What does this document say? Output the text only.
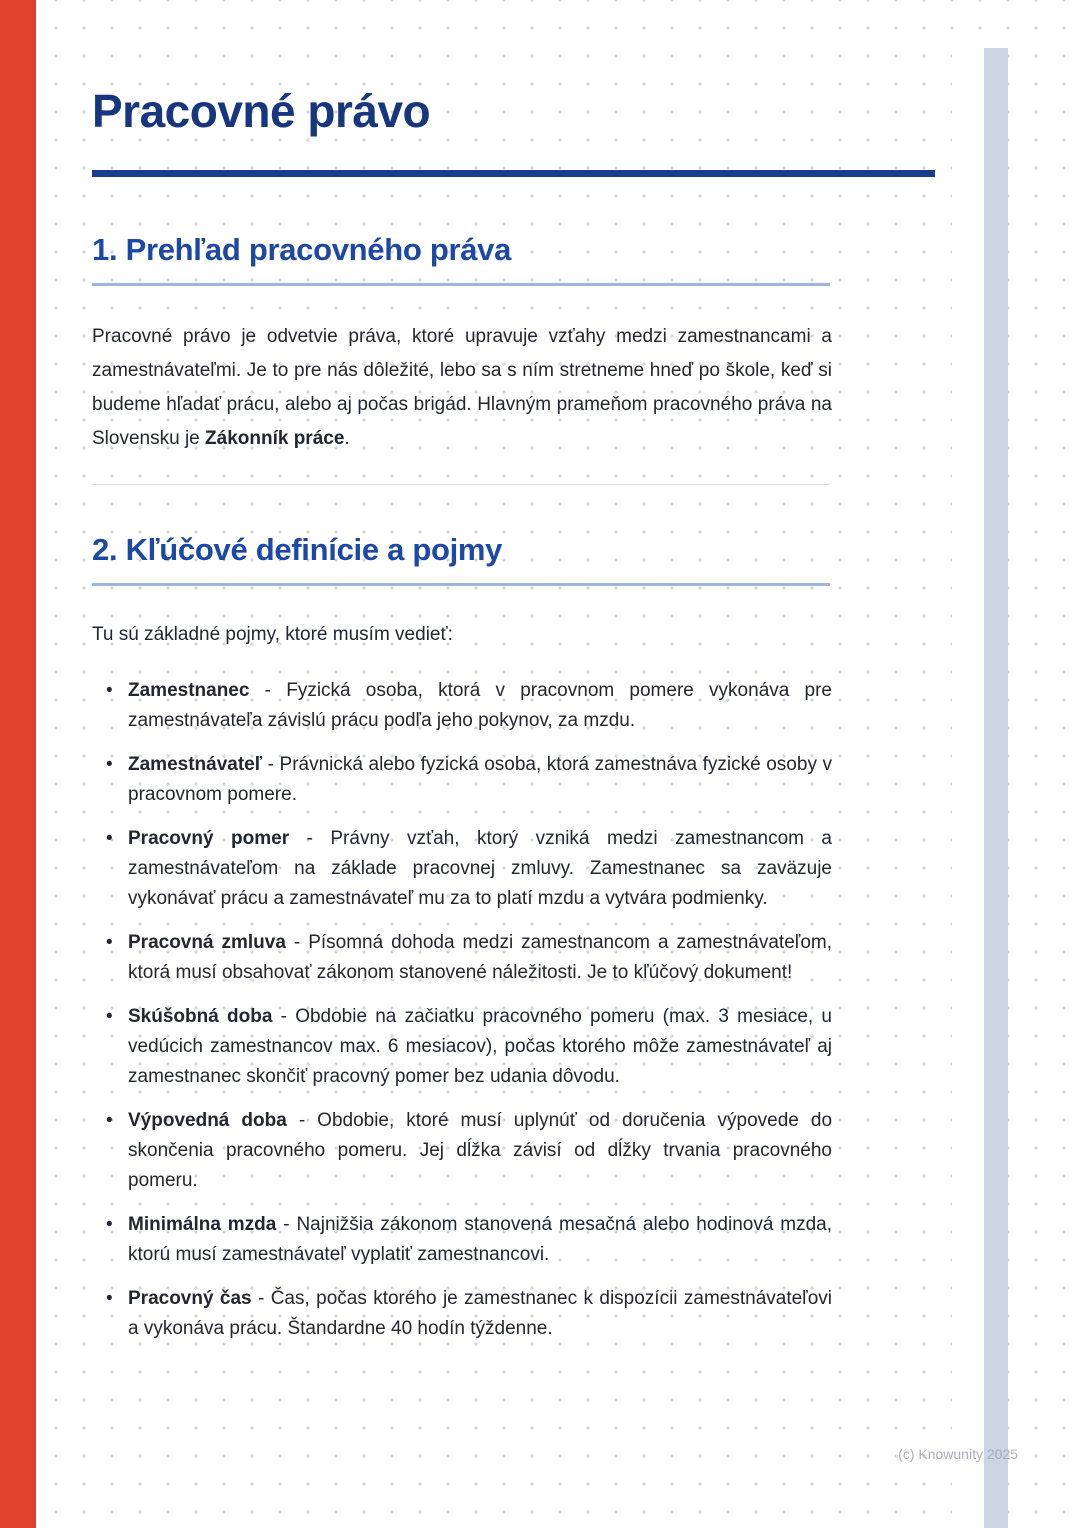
Pracovné právo
1. Prehľad pracovného práva

Pracovné právo je odvetvie práva, ktoré upravuje vzťahy medzi zamestnancami a zamestnávateľmi. Je to pre nás dôležité, lebo sa s ním stretneme hneď po škole, keď si budeme hľadať prácu, alebo aj počas brigád. Hlavným prameňom pracovného práva na Slovensku je Zákonník práce.

2. Kľúčové definície a pojmy

Tu sú základné pojmy, ktoré musím vedieť:

• Zamestnanec - Fyzická osoba, ktorá v pracovnom pomere vykonáva pre zamestnávateľa závislú prácu podľa jeho pokynov, za mzdu.
• Zamestnávateľ - Právnická alebo fyzická osoba, ktorá zamestnáva fyzické osoby v pracovnom pomere.
• Pracovný pomer - Právny vzťah, ktorý vzniká medzi zamestnancom a zamestnávateľom na základe pracovnej zmluvy. Zamestnanec sa zaväzuje vykonávať prácu a zamestnávateľ mu za to platí mzdu a vytvára podmienky.
• Pracovná zmluva - Písomná dohoda medzi zamestnancom a zamestnávateľom, ktorá musí obsahovať zákonom stanovené náležitosti. Je to kľúčový dokument!
• Skúšobná doba - Obdobie na začiatku pracovného pomeru (max. 3 mesiace, u vedúcich zamestnancov max. 6 mesiacov), počas ktorého môže zamestnávateľ aj zamestnanec skončiť pracovný pomer bez udania dôvodu.
• Výpovedná doba - Obdobie, ktoré musí uplynúť od doručenia výpovede do skončenia pracovného pomeru. Jej dĺžka závisí od dĺžky trvania pracovného pomeru.
• Minimálna mzda - Najnižšia zákonom stanovená mesačná alebo hodinová mzda, ktorú musí zamestnávateľ vyplatiť zamestnancovi.
• Pracovný čas - Čas, počas ktorého je zamestnanec k dispozícii zamestnávateľovi a vykonáva prácu. Štandardne 40 hodín týždenne.
(c) Knowunity 2025
